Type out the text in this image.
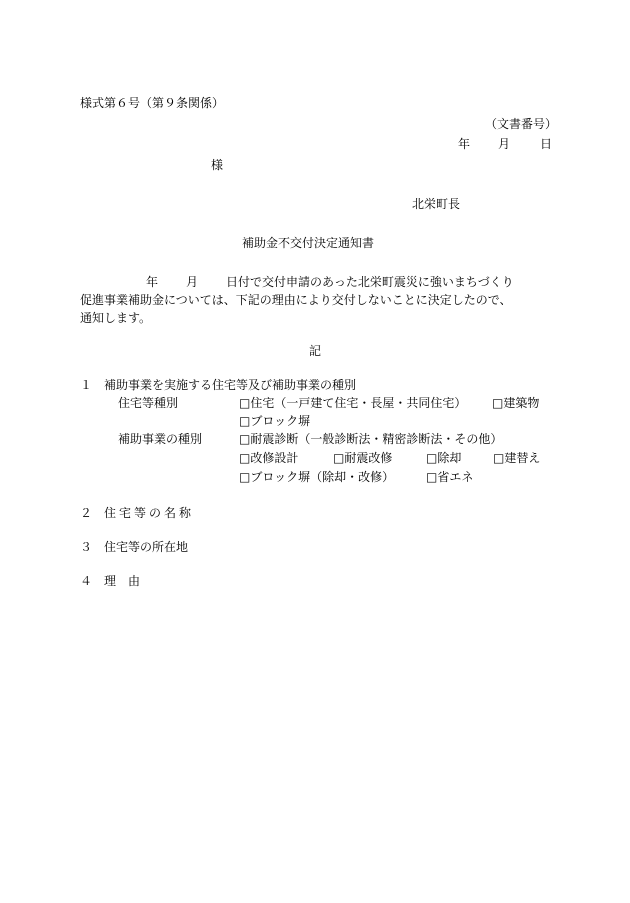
様式第６号（第９条関係）
（文書番号）
年 月 日
様
北栄町長
補助金不交付決定通知書
年 月 日付で交付申請のあった北栄町震災に強いまちづくり
促進事業補助金については、下記の理由により交付しないことに決定したので、
通知します。
記
１ 補助事業を実施する住宅等及び補助事業の種別
住宅等種別	□住宅（一戸建て住宅・長屋・共同住宅） □建築物
□ブロック塀
補助事業の種別	□耐震診断（一般診断法・精密診断法・その他）
□改修設計	□耐震改修	□除却	□建替え
□ブロック塀（除却・改修）	□省エネ
２ 住宅等の名称
３ 住宅等の所在地
４ 理　由
